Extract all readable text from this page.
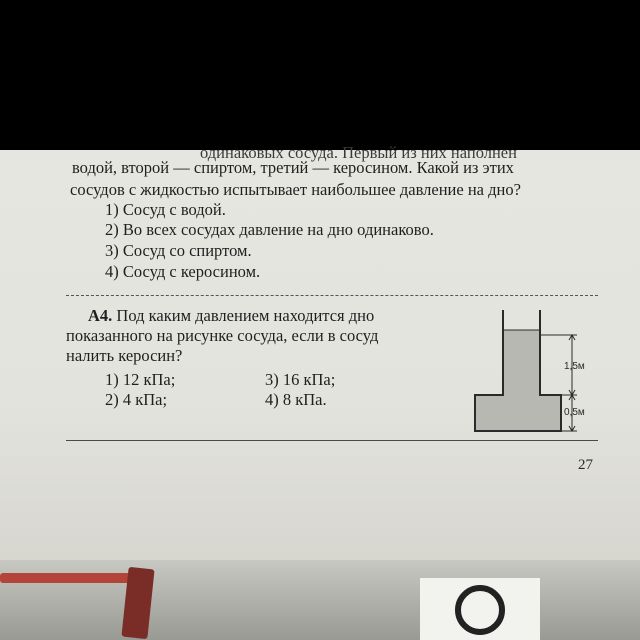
одинаковых сосуда. Первый из них наполнен
водой, второй — спиртом, третий — керосином. Какой из этих
сосудов с жидкостью испытывает наибольшее давление на дно?
1) Сосуд с водой.
2) Во всех сосудах давление на дно одинаково.
3) Сосуд со спиртом.
4) Сосуд с керосином.
А4. Под каким давлением находится дно
показанного на рисунке сосуда, если в сосуд
налить керосин?
1) 12 кПа;	3) 16 кПа;
2) 4 кПа;	4) 8 кПа.
1,5м
0,5м
27
